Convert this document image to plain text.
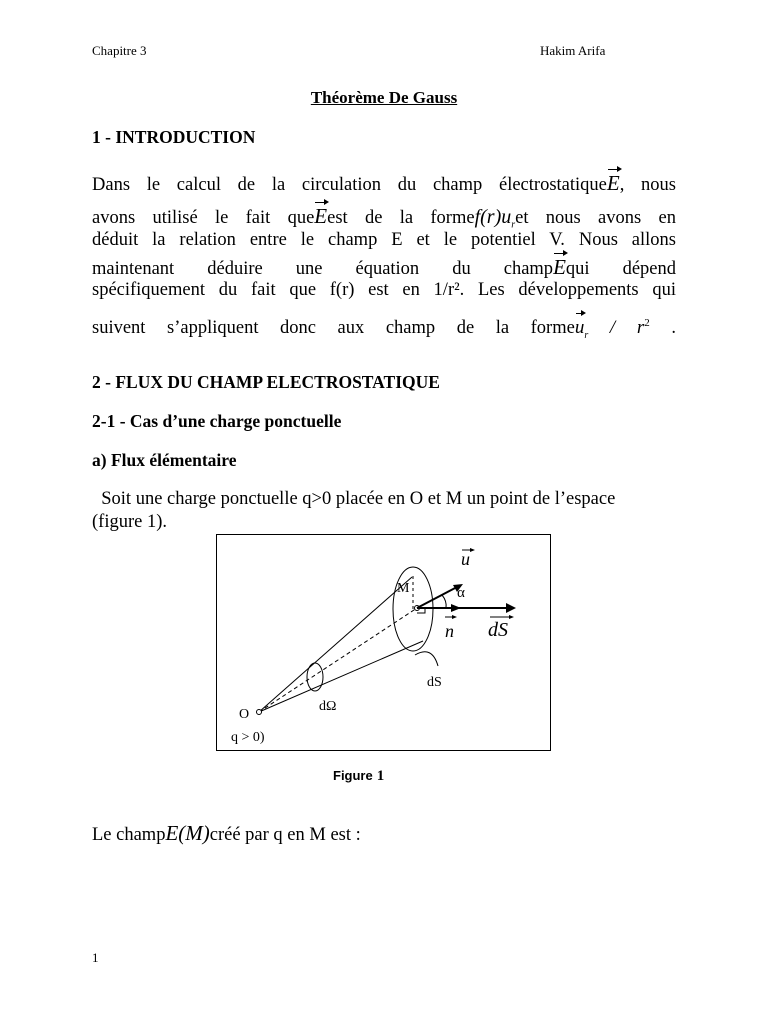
Chapitre 3	Hakim Arifa
Théorème De Gauss
1 - INTRODUCTION
Dans le calcul de la circulation du champ électrostatiqueE, nous
avons utilisé le fait queEest de la $formef(r)u_ret$ nous avons en
déduit la relation entre le champ E et le potentiel V. Nous allons
maintenant déduire une équation du champEqui dépend
spécifiquement du fait que f(r) est en 1/r². Les développements qui
suivent s’appliquent donc aux champ de la formeu$_r$ / $r^2$ .
2 - FLUX DU CHAMP ELECTROSTATIQUE
2-1 - Cas d’une charge ponctuelle
a) Flux élémentaire
Soit une charge ponctuelle q>0 placée en O et M un point de l’espace
(figure 1).
u
M	α
n dS
dS
dΩ
O
q > 0)
Figure 1
Le champE(M)créé par q en M est :
1
